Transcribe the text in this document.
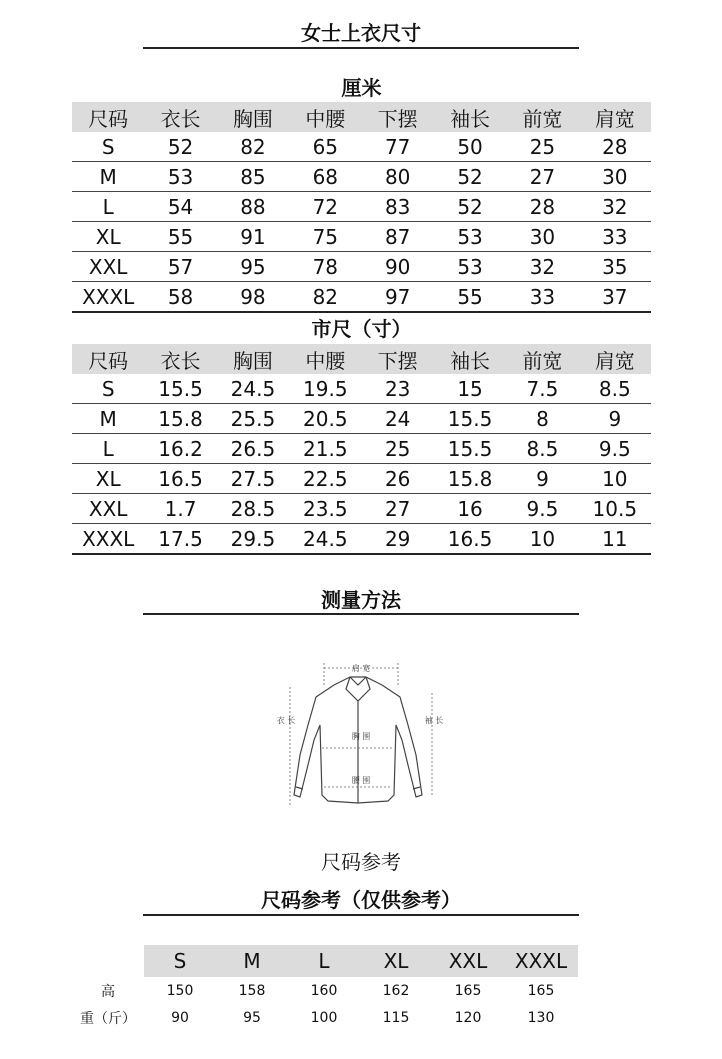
女士上衣尺寸
厘米
尺码	衣长	胸围	中腰	下摆	袖长	前宽	肩宽
S	52	82	65	77	50	25	28
M	53	85	68	80	52	27	30
L	54	88	72	83	52	28	32
XL	55	91	75	87	53	30	33
XXL	57	95	78	90	53	32	35
XXXL	58	98	82	97	55	33	37
市尺（寸）
尺码	衣长	胸围	中腰	下摆	袖长	前宽	肩宽
S	15.5	24.5	19.5	23	15	7.5	8.5
M	15.8	25.5	20.5	24	15.5	8	9
L	16.2	26.5	21.5	25	15.5	8.5	9.5
XL	16.5	27.5	22.5	26	15.8	9	10
XXL	1.7	28.5	23.5	27	16	9.5	10.5
XXXL	17.5	29.5	24.5	29	16.5	10	11
测量方法
肩 宽
衣 长	袖 长
胸 围
腰 围
尺码参考
尺码参考（仅供参考）
	S	M	L	XL	XXL	XXXL
高	150	158	160	162	165	165
重（斤）	90	95	100	115	120	130
